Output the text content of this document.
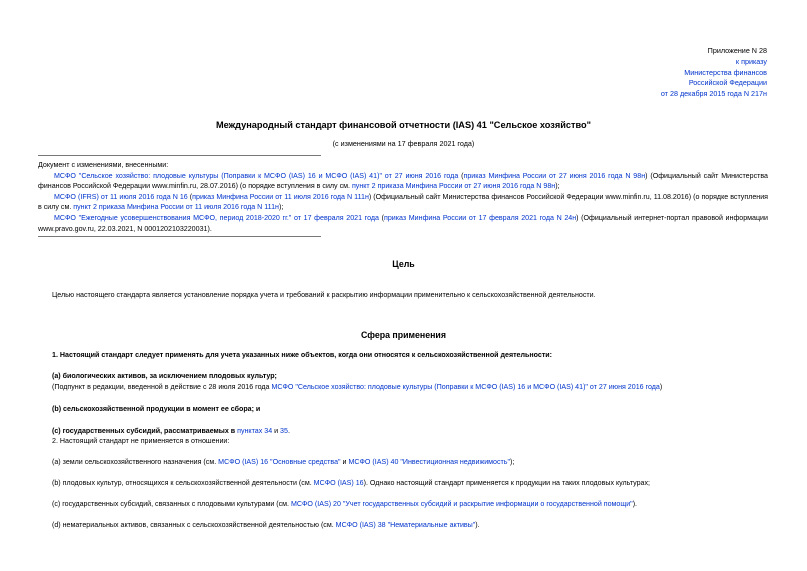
Приложение N 28
к приказу
Министерства финансов
Российской Федерации
от 28 декабря 2015 года N 217н
Международный стандарт финансовой отчетности (IAS) 41 "Сельское хозяйство"
(с изменениями на 17 февраля 2021 года)

Документ с изменениями, внесенными:

МСФО "Сельское хозяйство: плодовые культуры (Поправки к МСФО (IAS) 16 и МСФО (IAS) 41)" от 27 июня 2016 года (приказ Минфина России от 27 июня 2016 года N 98н) (Официальный сайт Министерства финансов Российской Федерации www.minfin.ru, 28.07.2016) (о порядке вступления в силу см. пункт 2 приказа Минфина России от 27 июня 2016 года N 98н);

МСФО (IFRS) от 11 июля 2016 года N 16 (приказ Минфина России от 11 июля 2016 года N 111н) (Официальный сайт Министерства финансов Российской Федерации www.minfin.ru, 11.08.2016) (о порядке вступления в силу см. пункт 2 приказа Минфина России от 11 июля 2016 года N 111н);

МСФО "Ежегодные усовершенствования МСФО, период 2018-2020 гг." от 17 февраля 2021 года (приказ Минфина России от 17 февраля 2021 года N 24н) (Официальный интернет-портал правовой информации www.pravo.gov.ru, 22.03.2021, N 0001202103220031).

Цель
Целью настоящего стандарта является установление порядка учета и требований к раскрытию информации применительно к сельскохозяйственной деятельности.
Сфера применения
1. Настоящий стандарт следует применять для учета указанных ниже объектов, когда они относятся к сельскохозяйственной деятельности:
(a) биологических активов, за исключением плодовых культур;
(Подпункт в редакции, введенной в действие с 28 июля 2016 года МСФО "Сельское хозяйство: плодовые культуры (Поправки к МСФО (IAS) 16 и МСФО (IAS) 41)" от 27 июня 2016 года)
(b) сельскохозяйственной продукции в момент ее сбора; и
(c) государственных субсидий, рассматриваемых в пунктах 34 и 35.
2. Настоящий стандарт не применяется в отношении:
(a) земли сельскохозяйственного назначения (см. МСФО (IAS) 16 "Основные средства" и МСФО (IAS) 40 "Инвестиционная недвижимость");
(b) плодовых культур, относящихся к сельскохозяйственной деятельности (см. МСФО (IAS) 16). Однако настоящий стандарт применяется к продукции на таких плодовых культурах;
(c) государственных субсидий, связанных с плодовыми культурами (см. МСФО (IAS) 20 "Учет государственных субсидий и раскрытие информации о государственной помощи").
(d) нематериальных активов, связанных с сельскохозяйственной деятельностью (см. МСФО (IAS) 38 "Нематериальные активы").
